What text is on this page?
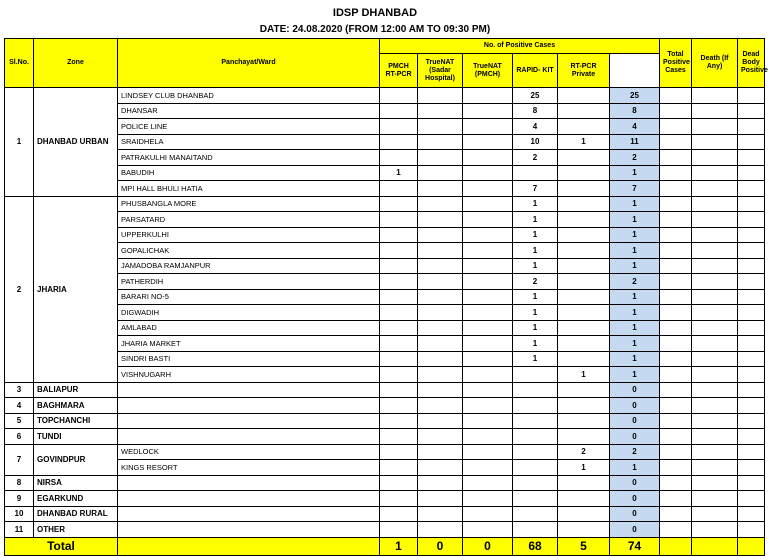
IDSP DHANBAD
DATE: 24.08.2020 (FROM 12:00 AM TO 09:30 PM)
Sl.No.	Zone	Panchayat/Ward	No. of Positive Cases						Total Positive Cases	Death (If Any)	Dead Body Positive	
			PMCH RT-PCR	TrueNAT (Sadar Hospital)	TrueNAT (PMCH)	RAPID- KIT	RT-PCR Private					
1	DHANBAD URBAN	LINDSEY CLUB DHANBAD				25		25				
		DHANSAR				8		8				
		POLICE LINE				4		4				
		SRAIDHELA				10	1	11				
		PATRAKULHI MANAITAND				2		2				
		BABUDIH	1					1				
		MPI HALL BHULI HATIA				7		7				
2	JHARIA	PHUSBANGLA MORE				1		1				
		PARSATARD				1		1				
		UPPERKULHI				1		1				
		GOPALICHAK				1		1				
		JAMADOBA RAMJANPUR				1		1				
		PATHERDIH				2		2				
		BARARI NO-5				1		1				
		DIGWADIH				1		1				
		AMLABAD				1		1				
		JHARIA MARKET				1		1				
		SINDRI BASTI				1		1				
		VISHNUGARH					1	1				
3	BALIAPUR							0				
4	BAGHMARA							0				
5	TOPCHANCHI							0				
6	TUNDI							0				
7	GOVINDPUR	WEDLOCK					2	2				
		KINGS RESORT					1	1				
8	NIRSA							0				
9	EGARKUND							0				
10	DHANBAD RURAL							0				
11	OTHER							0				
Total			1	0	0	68	5	74				
